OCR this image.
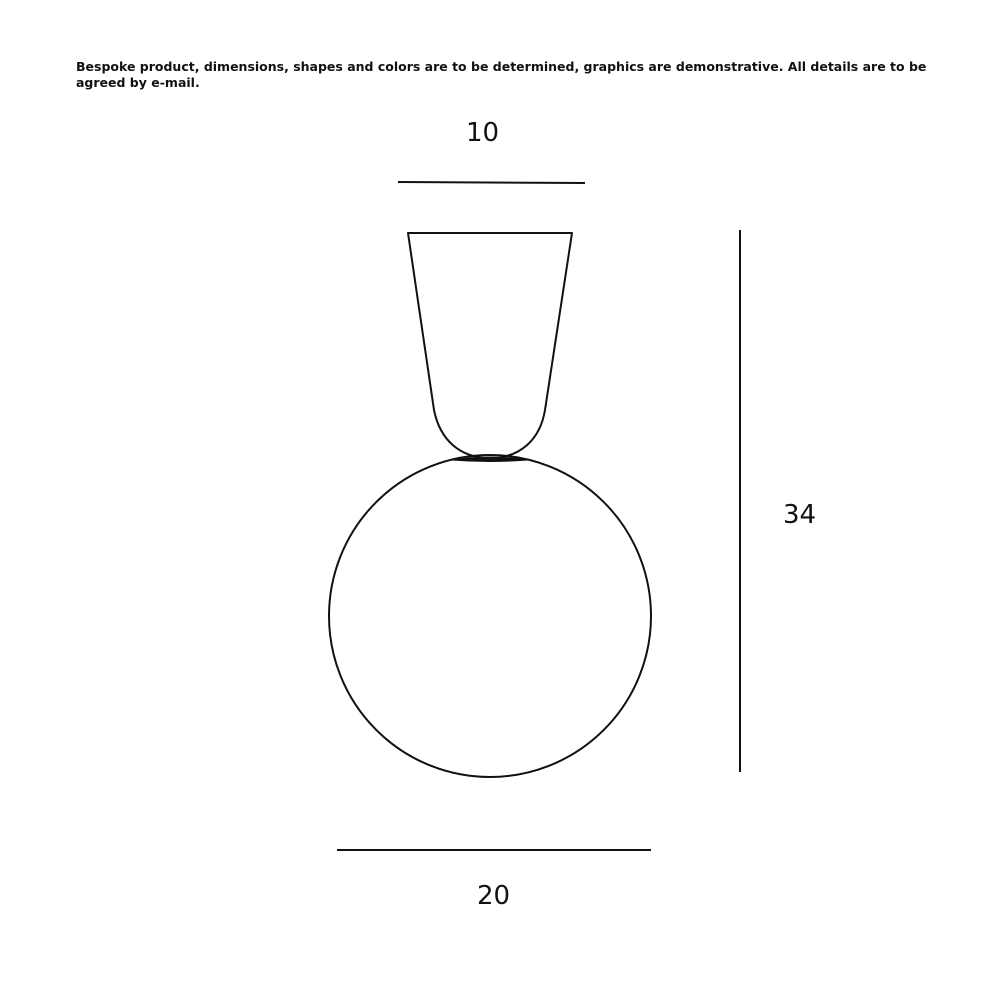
Bespoke product, dimensions, shapes and colors are to be determined, graphics are demonstrative. All details are to be agreed by e-mail.
10
34
20
